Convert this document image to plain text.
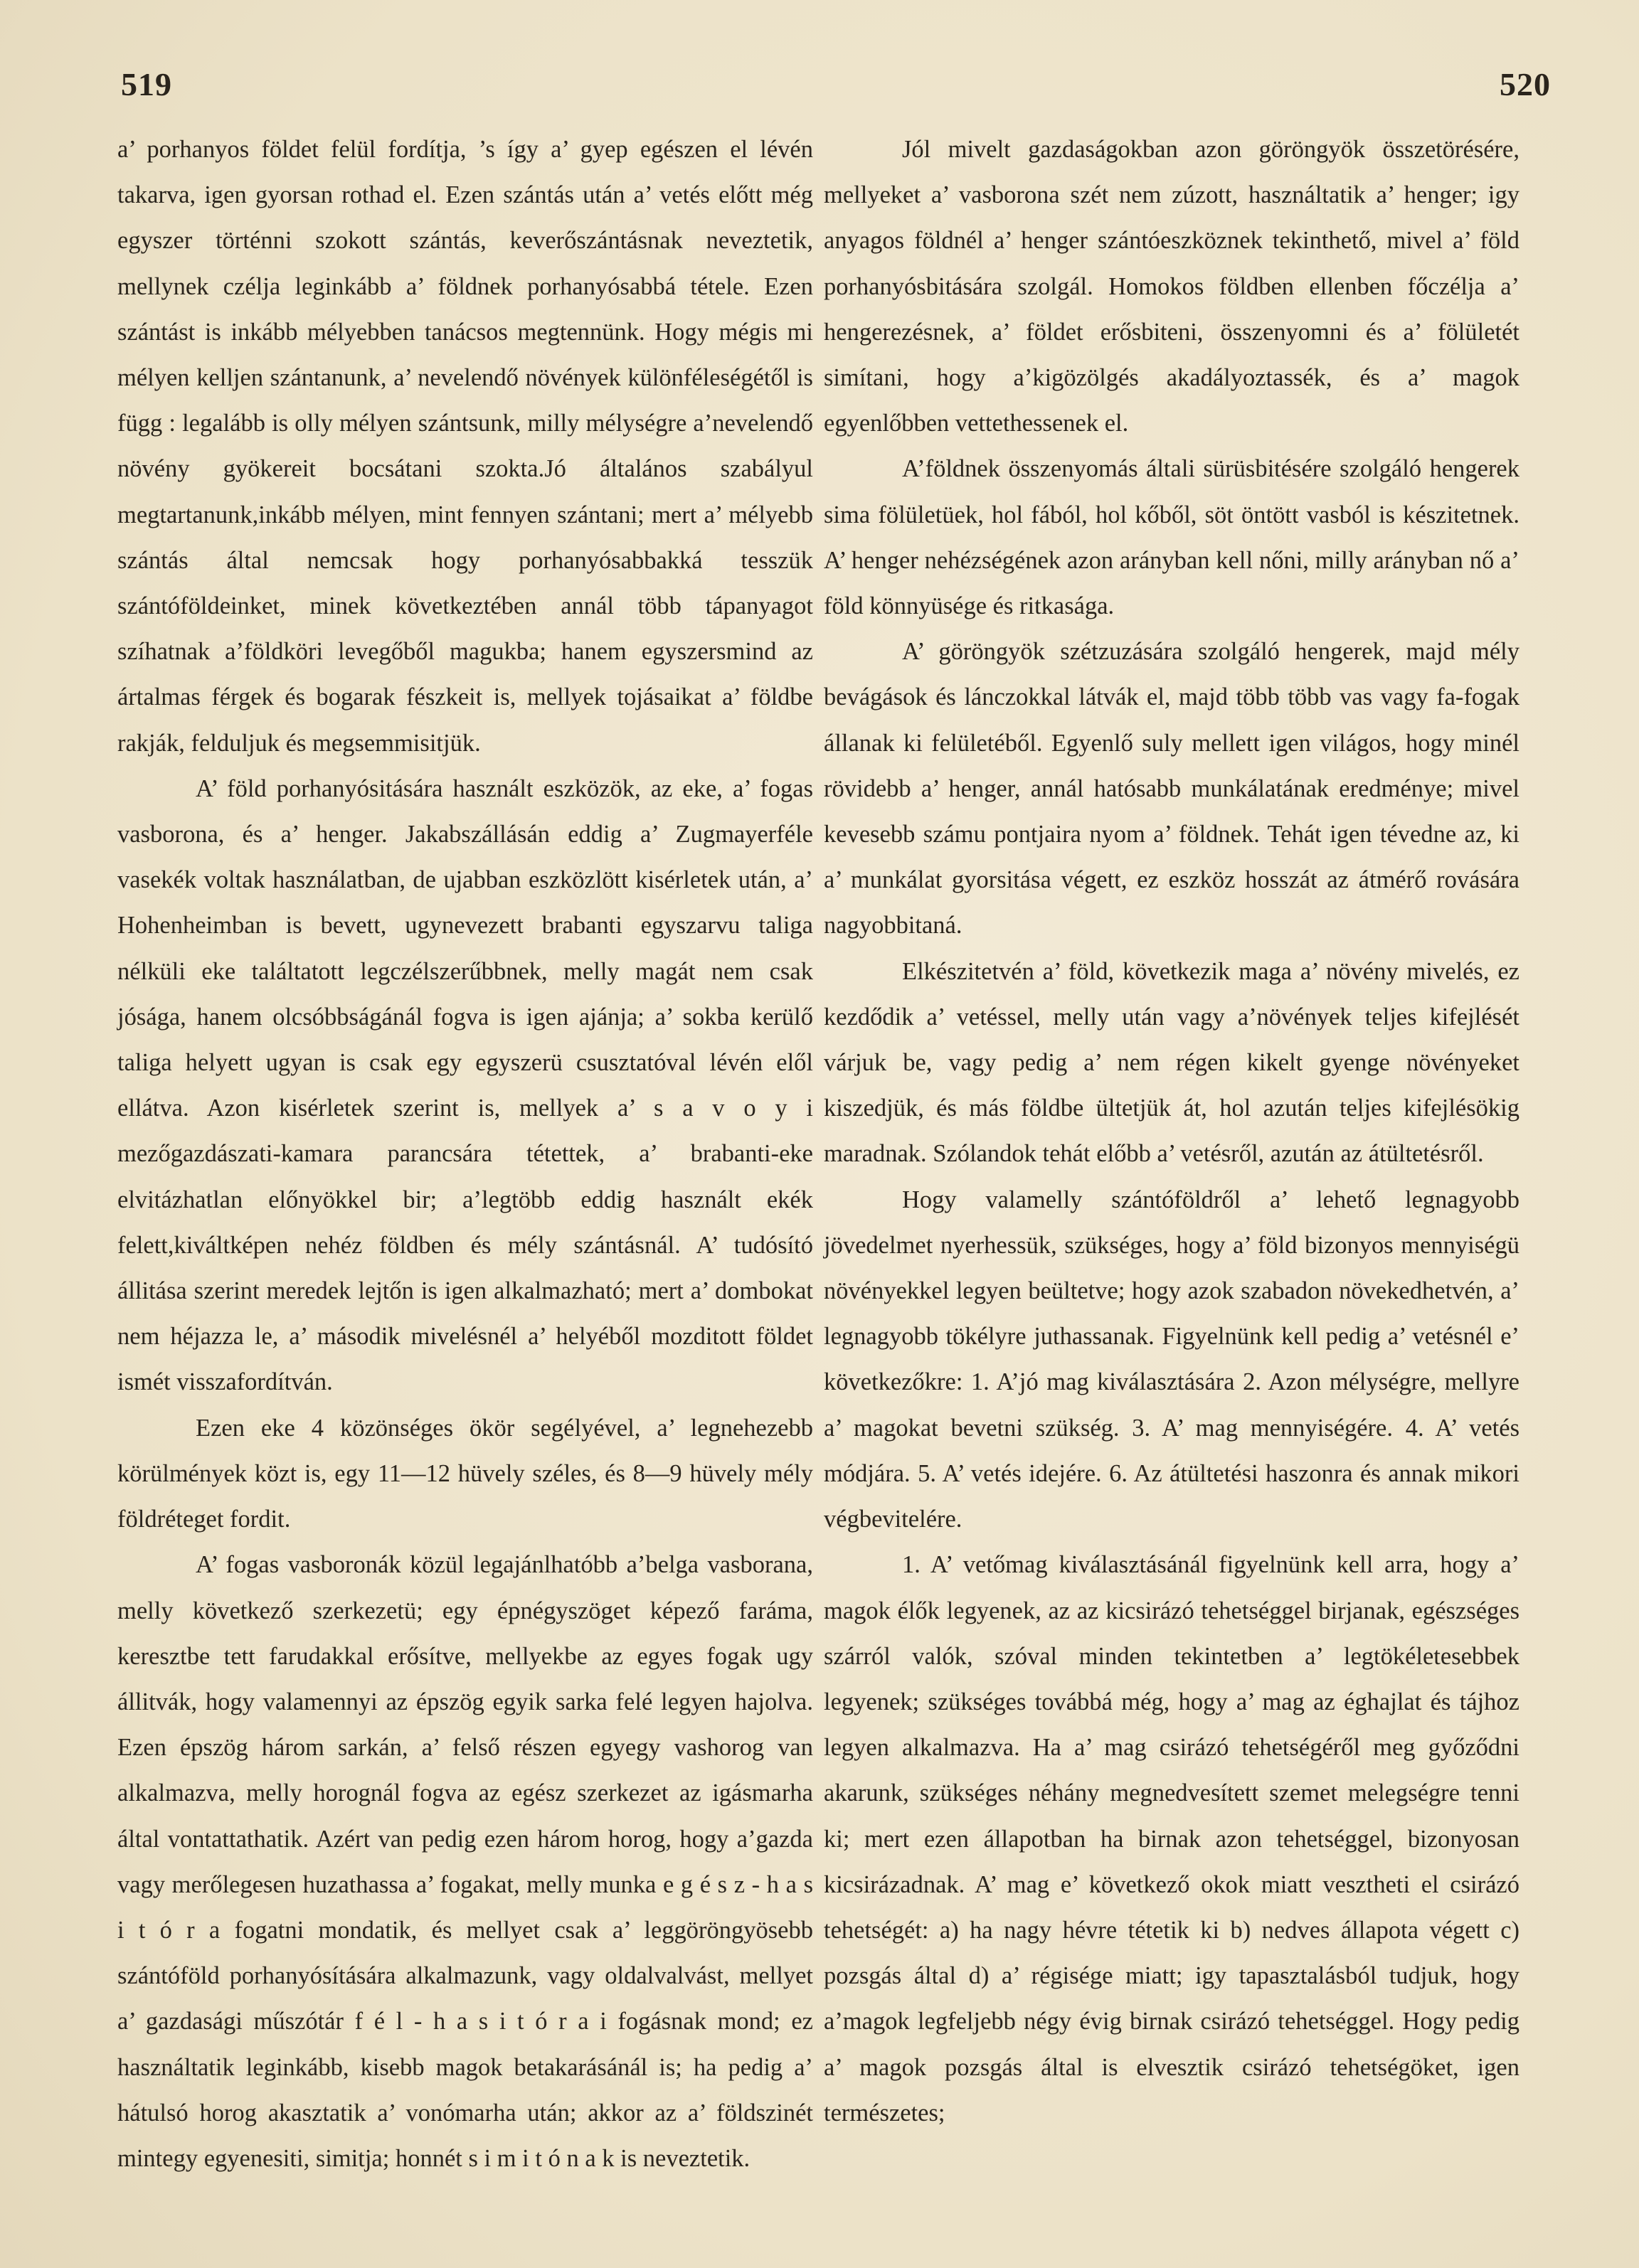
519	520

a’ porhanyos földet felül fordítja, ’s így a’ gyep egészen el lévén takarva, igen gyorsan rothad el. Ezen szántás után a’ vetés előtt még egyszer történni szokott szántás, keverőszántásnak neveztetik, mellynek czélja leginkább a’ földnek porhanyósabbá tétele. Ezen szántást is inkább mélyebben tanácsos megtennünk. Hogy mégis mi mélyen kelljen szántanunk, a’ nevelendő növények különféleségétől is függ : legalább is olly mélyen szántsunk, milly mélységre a’nevelendő növény gyökereit bocsátani szokta.Jó általános szabályul megtartanunk,inkább mélyen, mint fennyen szántani; mert a’ mélyebb szántás által nemcsak hogy porhanyósabbakká tesszük szántóföldeinket, minek következtében annál több tápanyagot szíhatnak a’földköri levegőből magukba; hanem egyszersmind az ártalmas férgek és bogarak fészkeit is, mellyek tojásaikat a’ földbe rakják, felduljuk és megsemmisitjük.

A’ föld porhanyósitására használt eszközök, az eke, a’ fogas vasborona, és a’ henger. Jakabszállásán eddig a’ Zugmayerféle vasekék voltak használatban, de ujabban eszközlött kisérletek után, a’ Hohenheimban is bevett, ugynevezett brabanti egyszarvu taliga nélküli eke találtatott legczélszerűbbnek, melly magát nem csak jósága, hanem olcsóbbságánál fogva is igen ajánja; a’ sokba kerülő taliga helyett ugyan is csak egy egyszerü csusztatóval lévén elől ellátva. Azon kisérletek szerint is, mellyek a’ s a v o y i mezőgazdászati-kamara parancsára tétettek, a’ brabanti-eke elvitázhatlan előnyökkel bir; a’legtöbb eddig használt ekék felett,kiváltképen nehéz földben és mély szántásnál. A’ tudósító állitása szerint meredek lejtőn is igen alkalmazható; mert a’ dombokat nem héjazza le, a’ második mivelésnél a’ helyéből mozditott földet ismét visszafordítván.

Ezen eke 4 közönséges ökör segélyével, a’ legnehezebb körülmények közt is, egy 11—12 hüvely széles, és 8—9 hüvely mély földréteget fordit.

A’ fogas vasboronák közül legajánlhatóbb a’belga vasborana, melly következő szerkezetü; egy épnégyszöget képező faráma, keresztbe tett farudakkal erősítve, mellyekbe az egyes fogak ugy állitvák, hogy valamennyi az épszög egyik sarka felé legyen hajolva. Ezen épszög három sarkán, a’ felső részen egyegy vashorog van alkalmazva, melly horognál fogva az egész szerkezet az igásmarha által vontattathatik. Azért van pedig ezen három horog, hogy a’gazda vagy merőlegesen huzathassa a’ fogakat, melly munka e g é s z - h a s i t ó r a fogatni mondatik, és mellyet csak a’ leggöröngyösebb szántóföld porhanyósítására alkalmazunk, vagy oldalvalvást, mellyet a’ gazdasági műszótár f é l - h a s i t ó r a i fogásnak mond; ez használtatik leginkább, kisebb magok betakarásánál is; ha pedig a’ hátulsó horog akasztatik a’ vonómarha után; akkor az a’ földszinét mintegy egyenesiti, simitja; honnét s i m i t ó n a k is neveztetik.

Jól mivelt gazdaságokban azon göröngyök összetörésére, mellyeket a’ vasborona szét nem zúzott, használtatik a’ henger; igy anyagos földnél a’ henger szántóeszköznek tekinthető, mivel a’ föld porhanyósbitására szolgál. Homokos földben ellenben főczélja a’ hengerezésnek, a’ földet erősbiteni, összenyomni és a’ fölületét simítani, hogy a’kigözölgés akadályoztassék, és a’ magok egyenlőbben vettethessenek el.

A’földnek összenyomás általi sürüsbitésére szolgáló hengerek sima fölületüek, hol fából, hol kőből, söt öntött vasból is készitetnek. A’ henger nehézségének azon arányban kell nőni, milly arányban nő a’ föld könnyüsége és ritkasága.

A’ göröngyök szétzuzására szolgáló hengerek, majd mély bevágások és lánczokkal látvák el, majd több több vas vagy fa-fogak állanak ki felületéből. Egyenlő suly mellett igen világos, hogy minél rövidebb a’ henger, annál hatósabb munkálatának eredménye; mivel kevesebb számu pontjaira nyom a’ földnek. Tehát igen tévedne az, ki a’ munkálat gyorsitása végett, ez eszköz hosszát az átmérő rovására nagyobbitaná.

Elkészitetvén a’ föld, következik maga a’ növény mivelés, ez kezdődik a’ vetéssel, melly után vagy a’növények teljes kifejlését várjuk be, vagy pedig a’ nem régen kikelt gyenge növényeket kiszedjük, és más földbe ültetjük át, hol azután teljes kifejlésökig maradnak. Szólandok tehát előbb a’ vetésről, azután az átültetésről.

Hogy valamelly szántóföldről a’ lehető legnagyobb jövedelmet nyerhessük, szükséges, hogy a’ föld bizonyos mennyiségü növényekkel legyen beültetve; hogy azok szabadon növekedhetvén, a’ legnagyobb tökélyre juthassanak. Figyelnünk kell pedig a’ vetésnél e’ következőkre: 1. A’jó mag kiválasztására 2. Azon mélységre, mellyre a’ magokat bevetni szükség. 3. A’ mag mennyiségére. 4. A’ vetés módjára. 5. A’ vetés idejére. 6. Az átültetési haszonra és annak mikori végbevitelére.

1. A’ vetőmag kiválasztásánál figyelnünk kell arra, hogy a’ magok élők legyenek, az az kicsirázó tehetséggel birjanak, egészséges szárról valók, szóval minden tekintetben a’ legtökéletesebbek legyenek; szükséges továbbá még, hogy a’ mag az éghajlat és tájhoz legyen alkalmazva. Ha a’ mag csirázó tehetségéről meg győződni akarunk, szükséges néhány megnedvesített szemet melegségre tenni ki; mert ezen állapotban ha birnak azon tehetséggel, bizonyosan kicsirázadnak. A’ mag e’ következő okok miatt vesztheti el csirázó tehetségét: a) ha nagy hévre tétetik ki b) nedves állapota végett c) pozsgás által d) a’ régisége miatt; igy tapasztalásból tudjuk, hogy a’magok legfeljebb négy évig birnak csirázó tehetséggel. Hogy pedig a’ magok pozsgás által is elvesztik csirázó tehetségöket, igen természetes;
